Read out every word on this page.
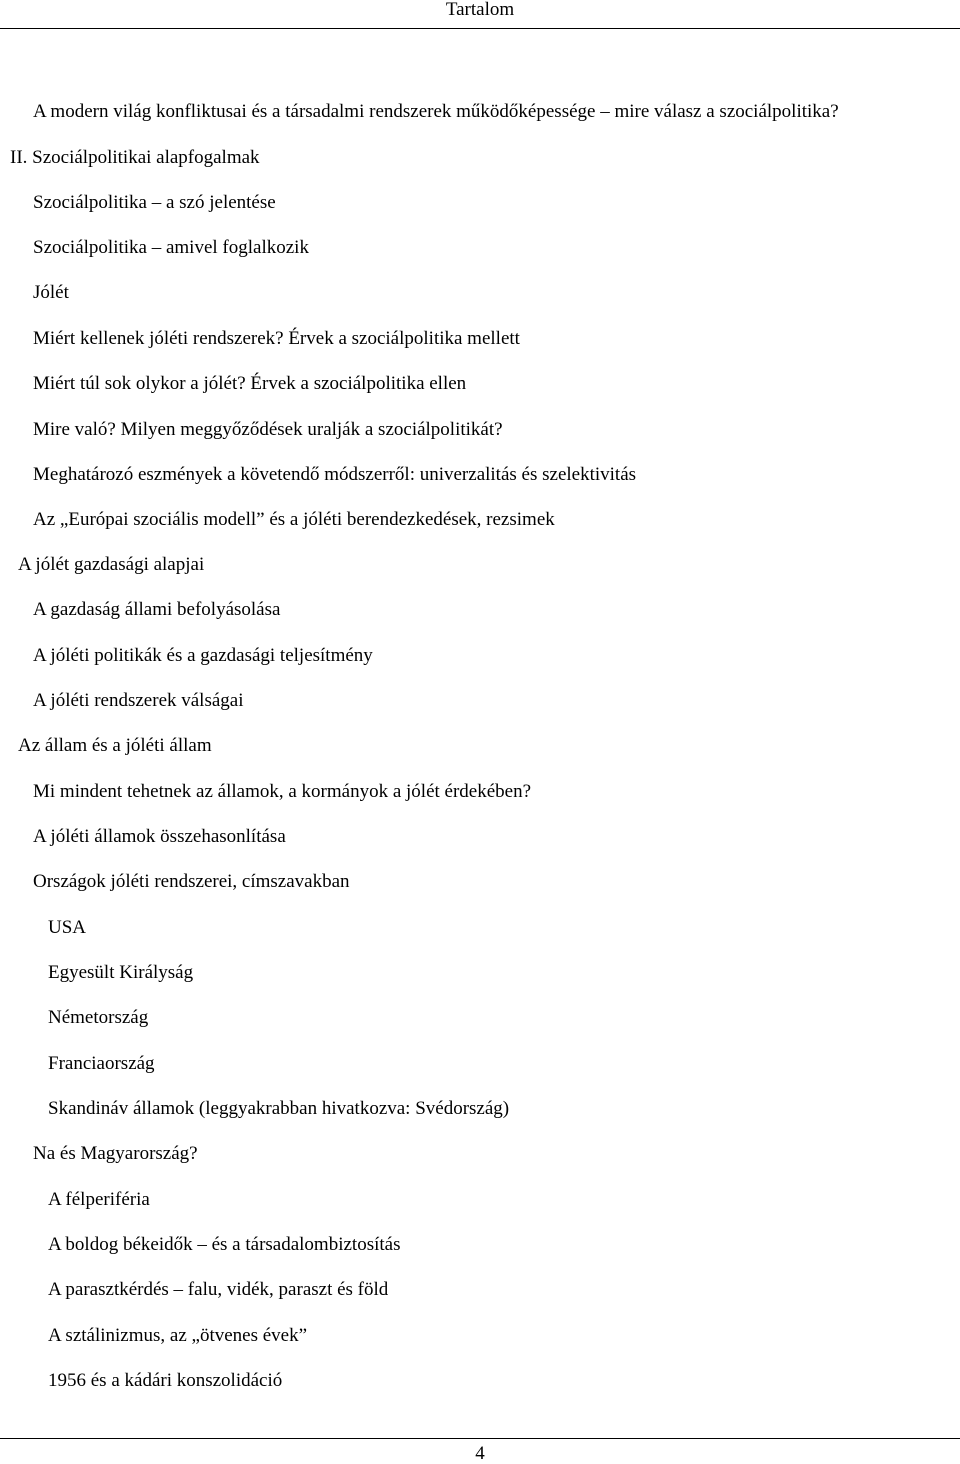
Tartalom
A modern világ konfliktusai és a társadalmi rendszerek működőképessége – mire válasz a szociálpolitika?
II. Szociálpolitikai alapfogalmak
Szociálpolitika – a szó jelentése
Szociálpolitika – amivel foglalkozik
Jólét
Miért kellenek jóléti rendszerek? Érvek a szociálpolitika mellett
Miért túl sok olykor a jólét? Érvek a szociálpolitika ellen
Mire való? Milyen meggyőződések uralják a szociálpolitikát?
Meghatározó eszmények a követendő módszerről: univerzalitás és szelektivitás
Az „Európai szociális modell” és a jóléti berendezkedések, rezsimek
A jólét gazdasági alapjai
A gazdaság állami befolyásolása
A jóléti politikák és a gazdasági teljesítmény
A jóléti rendszerek válságai
Az állam és a jóléti állam
Mi mindent tehetnek az államok, a kormányok a jólét érdekében?
A jóléti államok összehasonlítása
Országok jóléti rendszerei, címszavakban
USA
Egyesült Királyság
Németország
Franciaország
Skandináv államok (leggyakrabban hivatkozva: Svédország)
Na és Magyarország?
A félperiféria
A boldog békeidők – és a társadalombiztosítás
A parasztkérdés – falu, vidék, paraszt és föld
A sztálinizmus, az „ötvenes évek”
1956 és a kádári konszolidáció
4
